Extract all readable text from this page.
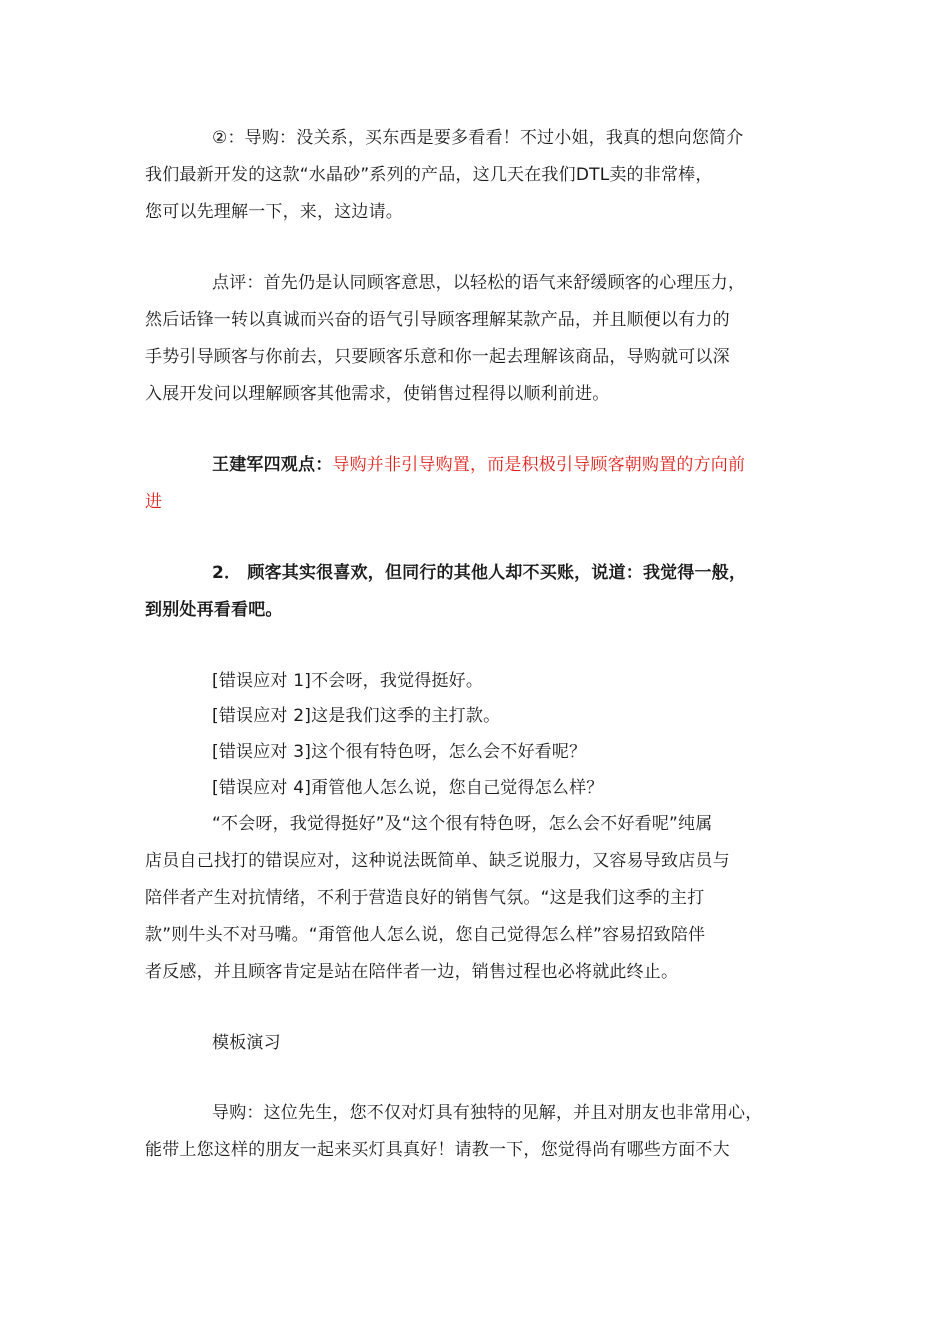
②：导购：没关系，买东西是要多看看！不过小姐，我真的想向您简介
我们最新开发的这款“水晶砂”系列的产品，这几天在我们DTL卖的非常棒，
您可以先理解一下，来，这边请。
点评：首先仍是认同顾客意思，以轻松的语气来舒缓顾客的心理压力，
然后话锋一转以真诚而兴奋的语气引导顾客理解某款产品，并且顺便以有力的
手势引导顾客与你前去，只要顾客乐意和你一起去理解该商品，导购就可以深
入展开发问以理解顾客其他需求，使销售过程得以顺利前进。
王建军四观点：导购并非引导购置，而是积极引导顾客朝购置的方向前
进
2． 顾客其实很喜欢，但同行的其他人却不买账，说道：我觉得一般，
到别处再看看吧。
[错误应对 1]不会呀，我觉得挺好。
[错误应对 2]这是我们这季的主打款。
[错误应对 3]这个很有特色呀，怎么会不好看呢？
[错误应对 4]甭管他人怎么说，您自己觉得怎么样？
“不会呀，我觉得挺好”及“这个很有特色呀，怎么会不好看呢”纯属
店员自己找打的错误应对，这种说法既简单、缺乏说服力，又容易导致店员与
陪伴者产生对抗情绪，不利于营造良好的销售气氛。“这是我们这季的主打
款”则牛头不对马嘴。“甭管他人怎么说，您自己觉得怎么样”容易招致陪伴
者反感，并且顾客肯定是站在陪伴者一边，销售过程也必将就此终止。
模板演习
导购：这位先生，您不仅对灯具有独特的见解，并且对朋友也非常用心，
能带上您这样的朋友一起来买灯具真好！请教一下，您觉得尚有哪些方面不大
